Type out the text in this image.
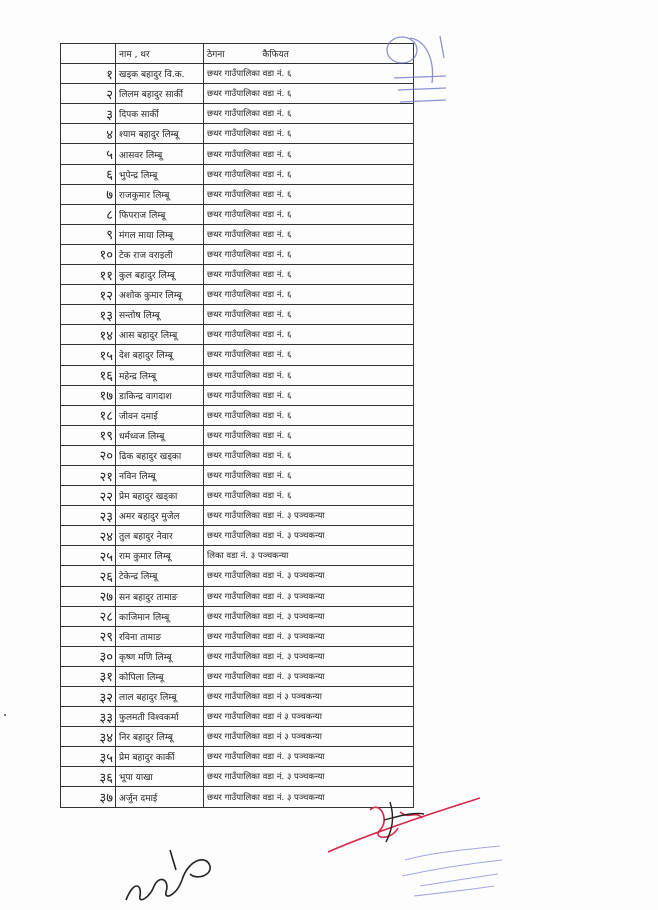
	नाम , थर	ठेगना कैफियत
१	खड्क बहादुर वि.क.	छथर गाउँपालिका वडा नं. ६
२	लिलम बहादुर सार्की	छथर गाउँपालिका वडा नं. ६
३	दिपक सार्की	छथर गाउँपालिका वडा नं. ६
४	श्याम बहादुर लिम्बू	छथर गाउँपालिका वडा नं. ६
५	आसवर लिम्बू	छथर गाउँपालिका वडा नं. ६
६	भुपेन्द्र लिम्बू	छथर गाउँपालिका वडा नं. ६
७	राजकुमार लिम्बू	छथर गाउँपालिका वडा नं. ६
८	फिपराज लिम्बू	छथर गाउँपालिका वडा नं. ६
९	मंगल माया लिम्बू	छथर गाउँपालिका वडा नं. ६
१०	टेक राज वराइली	छथर गाउँपालिका वडा नं. ६
११	कुल बहादुर लिम्बू	छथर गाउँपालिका वडा नं. ६
१२	अशोक कुमार लिम्बू	छथर गाउँपालिका वडा नं. ६
१३	सन्तोष लिम्बू	छथर गाउँपालिका वडा नं. ६
१४	आस बहादुर लिम्बू	छथर गाउँपालिका वडा नं. ६
१५	देश बहादुर लिम्बू	छथर गाउँपालिका वडा नं. ६
१६	महेन्द्र लिम्बू	छथर गाउँपालिका वडा नं. ६
१७	डाकिन्द्र वागदाश	छथर गाउँपालिका वडा नं. ६
१८	जीवन दमाई	छथर गाउँपालिका वडा नं. ६
१९	धर्मध्वज लिम्बू	छथर गाउँपालिका वडा नं. ६
२०	ढिक बहादुर खड्का	छथर गाउँपालिका वडा नं. ६
२१	नविन लिम्बू	छथर गाउँपालिका वडा नं. ६
२२	प्रेम बहादुर खड्का	छथर गाउँपालिका वडा नं. ६
२३	अमर बहादुर मुजेल	छथर गाउँपालिका वडा नं. ३ पञ्चकन्या
२४	तुल बहादुर नेवार	छथर गाउँपालिका वडा नं. ३ पञ्चकन्या
२५	राम कुमार लिम्बू	लिका वडा नं. ३ पञ्चकन्या
२६	टेकेन्द्र लिम्बू	छथर गाउँपालिका वडा नं. ३ पञ्चकन्या
२७	सन बहादुर तामाङ	छथर गाउँपालिका वडा नं. ३ पञ्चकन्या
२८	काजिमान लिम्बू	छथर गाउँपालिका वडा नं. ३ पञ्चकन्या
२९	रविना तामाङ	छथर गाउँपालिका वडा नं. ३ पञ्चकन्या
३०	कृष्ण मणि लिम्बू	छथर गाउँपालिका वडा नं. ३ पञ्चकन्या
३१	कोपिला लिम्बू	छथर गाउँपालिका वडा नं. ३ पञ्चकन्या
३२	लाल बहादुर लिम्बू	छथर गाउँपालिका वडा नं ३ पञ्चकन्या
३३	फुलमती विश्वकर्मा	छथर गाउँपालिका वडा नं ३ पञ्चकन्या
३४	निर बहादुर लिम्बू	छथर गाउँपालिका वडा नं ३ पञ्चकन्या
३५	प्रेम बहादुर कार्की	छथर गाउँपालिका वडा नं. ३ पञ्चकन्या
३६	भूपा याखा	छथर गाउँपालिका वडा नं. ३ पञ्चकन्या
३७	अर्जुन दमाई	छथर गाउँपालिका वडा नं. ३ पञ्चकन्या
